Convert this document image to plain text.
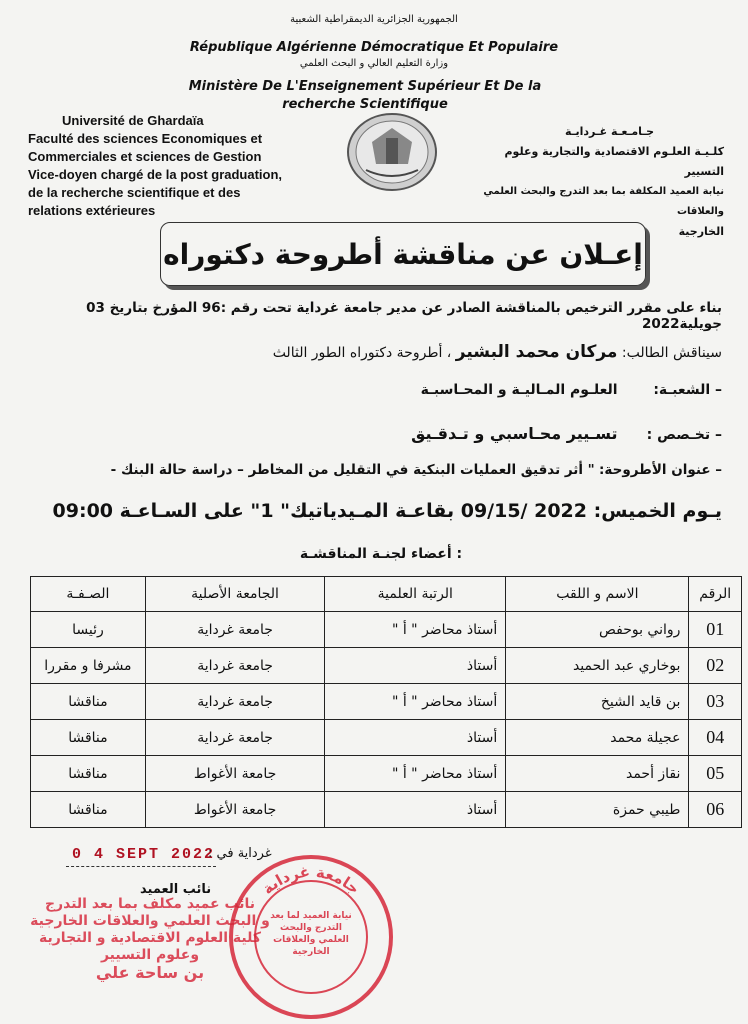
الجمهورية الجزائرية الديمقراطية الشعبية
République Algérienne Démocratique Et Populaire
وزارة التعليم العالي و البحث العلمي
Ministère De L'Enseignement Supérieur Et De la recherche Scientifique
Université de Ghardaïa
Faculté des sciences Economiques et
Commerciales et sciences de Gestion
Vice-doyen chargé de la post graduation,
de la recherche scientifique et des
relations extérieures
جـامـعـة غـردايـة
كلـيـة العلـوم الاقتصادية والتجارية وعلوم التسيير
نيابة العميد المكلفة بما بعد التدرج والبحث العلمي والعلاقات
الخارجية
إعـلان عن مناقشة أطروحة دكتوراه
بناء على مقرر الترخيص بالمناقشة الصادر عن مدير جامعة غرداية تحت رقم :96 المؤرخ بتاريخ 03 جويلية2022
سيناقش الطالب: مركان محمد البشير ، أطروحة دكتوراه الطور الثالث
– الشعبـة: العلـوم المـاليـة و المحـاسبـة
– تخـصص : تسـيير محـاسبي و تـدقـيق
– عنوان الأطروحة: " أثر تدقيق العمليات البنكية في التقليل من المخاطر – دراسة حالة البنك -
يـوم الخميس: 2022 /09/15 بقاعـة المـيدياتيك" 1" على السـاعـة 09:00
أعضاء لجنـة المناقشـة :
الرقم	الاسم و اللقب	الرتبة العلمية	الجامعة الأصلية	الصـفـة
01	رواني بوحفص	أستاذ محاضر " أ "	جامعة غرداية	رئيسا
02	بوخاري عبد الحميد	أستاذ	جامعة غرداية	مشرفا و مقررا
03	بن قايد الشيخ	أستاذ محاضر " أ "	جامعة غرداية	مناقشا
04	عجيلة محمد	أستاذ	جامعة غرداية	مناقشا
05	نقاز أحمد	أستاذ محاضر " أ "	جامعة الأغواط	مناقشا
06	طيبي حمزة	أستاذ	جامعة الأغواط	مناقشا
0 4 SEPT 2022
غرداية في :
نائب العميد
نائب عميد مكلف بما بعد التدرج
و البحث العلمي والعلاقات الخارجية
كلية العلوم الاقتصادية و التجارية
وعلوم التسيير
بن ساحة علي
جامعة غرداية
نيابة العميد لما بعد التدرج والبحث العلمي والعلاقات الخارجية
